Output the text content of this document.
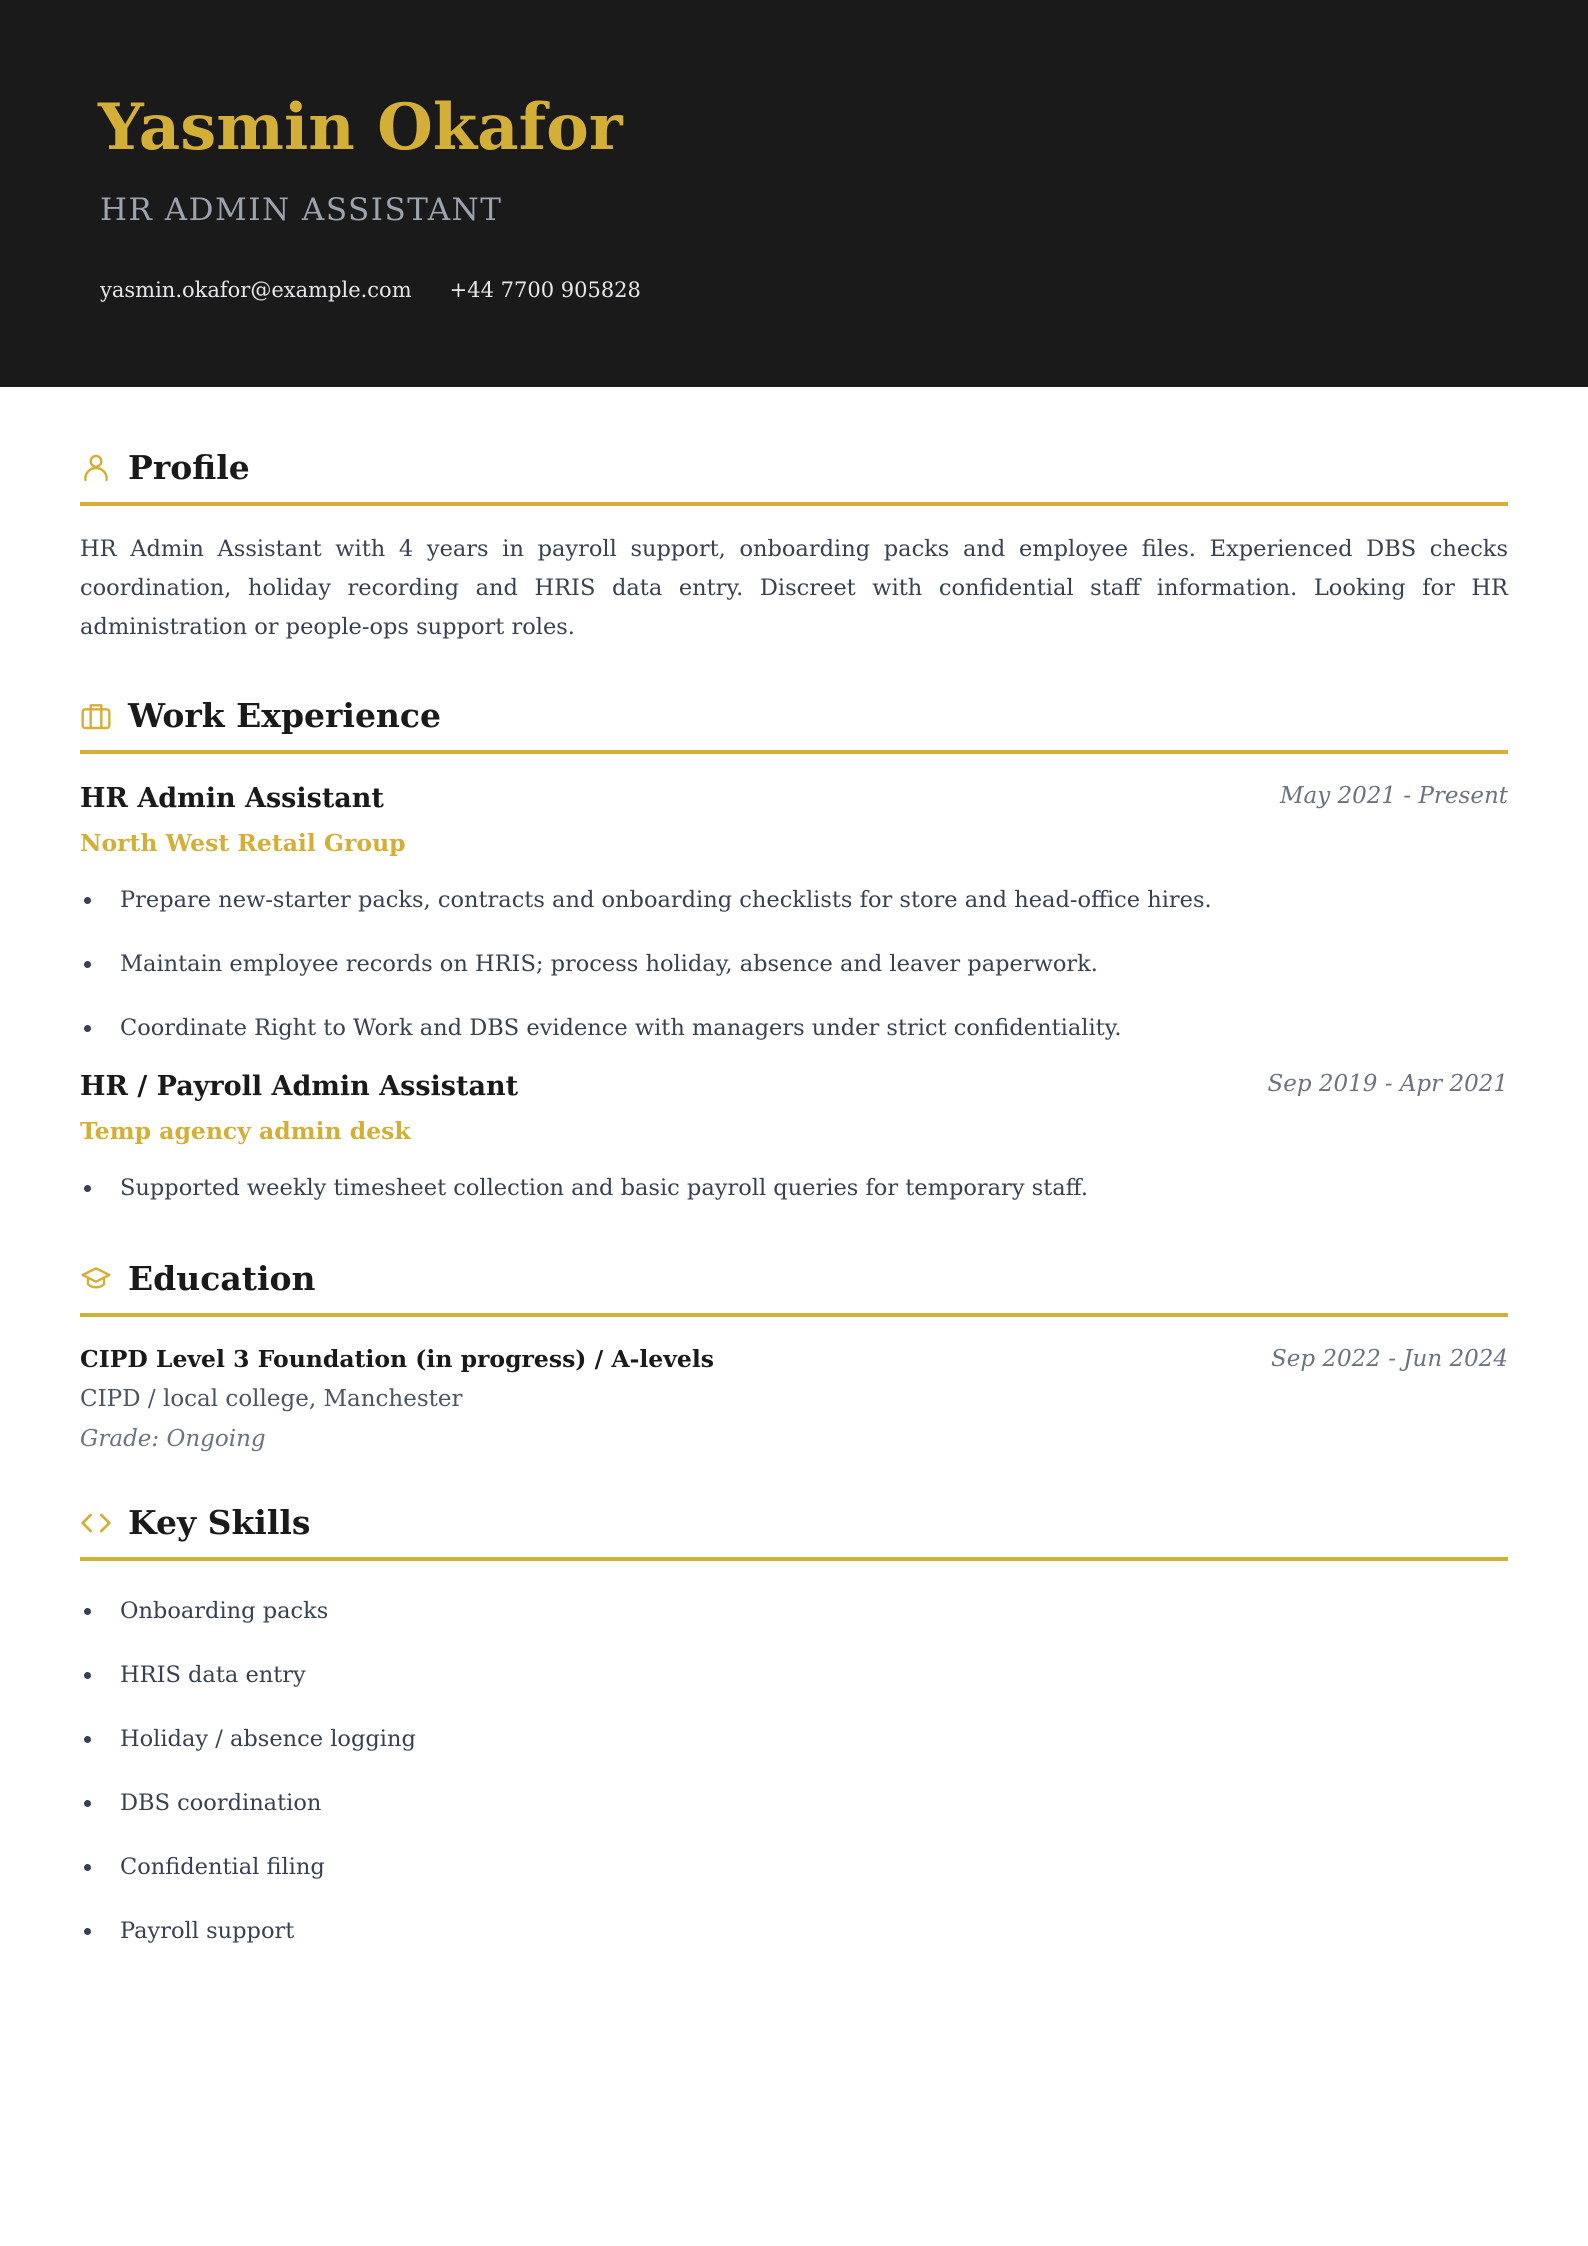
Yasmin Okafor
HR ADMIN ASSISTANT
yasmin.okafor@example.com +44 7700 905828
Profile
HR Admin Assistant with 4 years in payroll support, onboarding packs and employee files. Experienced DBS checks coordination, holiday recording and HRIS data entry. Discreet with confidential staff information. Looking for HR administration or people-ops support roles.
Work Experience
HR Admin Assistant	May 2021 - Present
North West Retail Group
Prepare new-starter packs, contracts and onboarding checklists for store and head-office hires.
Maintain employee records on HRIS; process holiday, absence and leaver paperwork.
Coordinate Right to Work and DBS evidence with managers under strict confidentiality.
HR / Payroll Admin Assistant	Sep 2019 - Apr 2021
Temp agency admin desk
Supported weekly timesheet collection and basic payroll queries for temporary staff.
Education
CIPD Level 3 Foundation (in progress) / A-levels	Sep 2022 - Jun 2024
CIPD / local college, Manchester
Grade: Ongoing
Key Skills
Onboarding packs
HRIS data entry
Holiday / absence logging
DBS coordination
Confidential filing
Payroll support
